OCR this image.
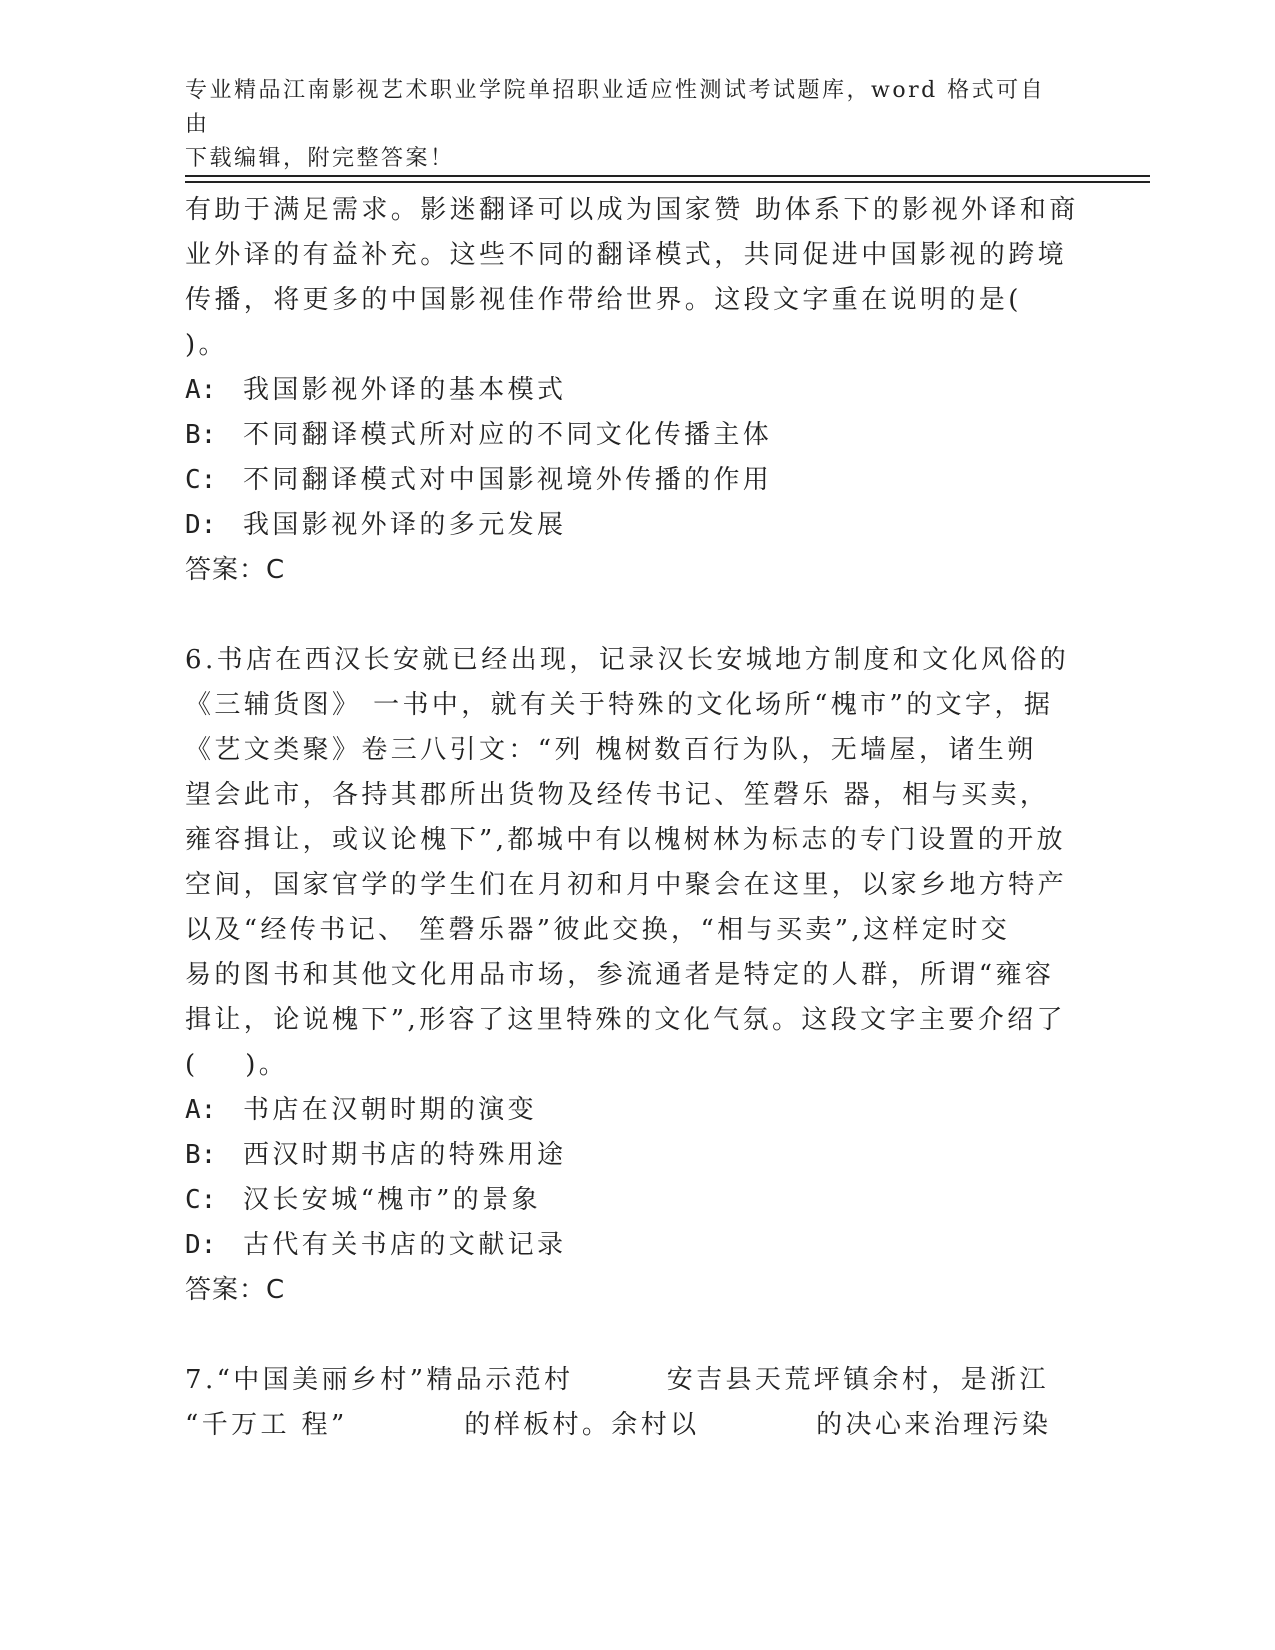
专业精品江南影视艺术职业学院单招职业适应性测试考试题库，word 格式可自由
下载编辑，附完整答案！
有助于满足需求。影迷翻译可以成为国家赞 助体系下的影视外译和商
业外译的有益补充。这些不同的翻译模式，共同促进中国影视的跨境
传播，将更多的中国影视佳作带给世界。这段文字重在说明的是(
)。
A: 我国影视外译的基本模式
B: 不同翻译模式所对应的不同文化传播主体
C: 不同翻译模式对中国影视境外传播的作用
D: 我国影视外译的多元发展
答案：C
6.书店在西汉长安就已经出现，记录汉长安城地方制度和文化风俗的
《三辅货图》 一书中，就有关于特殊的文化场所“槐市”的文字，据
《艺文类聚》卷三八引文：“列 槐树数百行为队，无墙屋，诸生朔
望会此市，各持其郡所出货物及经传书记、笙磬乐 器，相与买卖，
雍容揖让，或议论槐下”,都城中有以槐树林为标志的专门设置的开放
空间，国家官学的学生们在月初和月中聚会在这里，以家乡地方特产
以及“经传书记、 笙磬乐器”彼此交换，“相与买卖”,这样定时交
易的图书和其他文化用品市场，参流通者是特定的人群，所谓“雍容
揖让，论说槐下”,形容了这里特殊的文化气氛。这段文字主要介绍了
(    )。
A: 书店在汉朝时期的演变
B: 西汉时期书店的特殊用途
C: 汉长安城“槐市”的景象
D: 古代有关书店的文献记录
答案：C
7.“中国美丽乡村”精品示范村        安吉县天荒坪镇余村，是浙江
“千万工 程”          的样板村。余村以          的决心来治理污染
